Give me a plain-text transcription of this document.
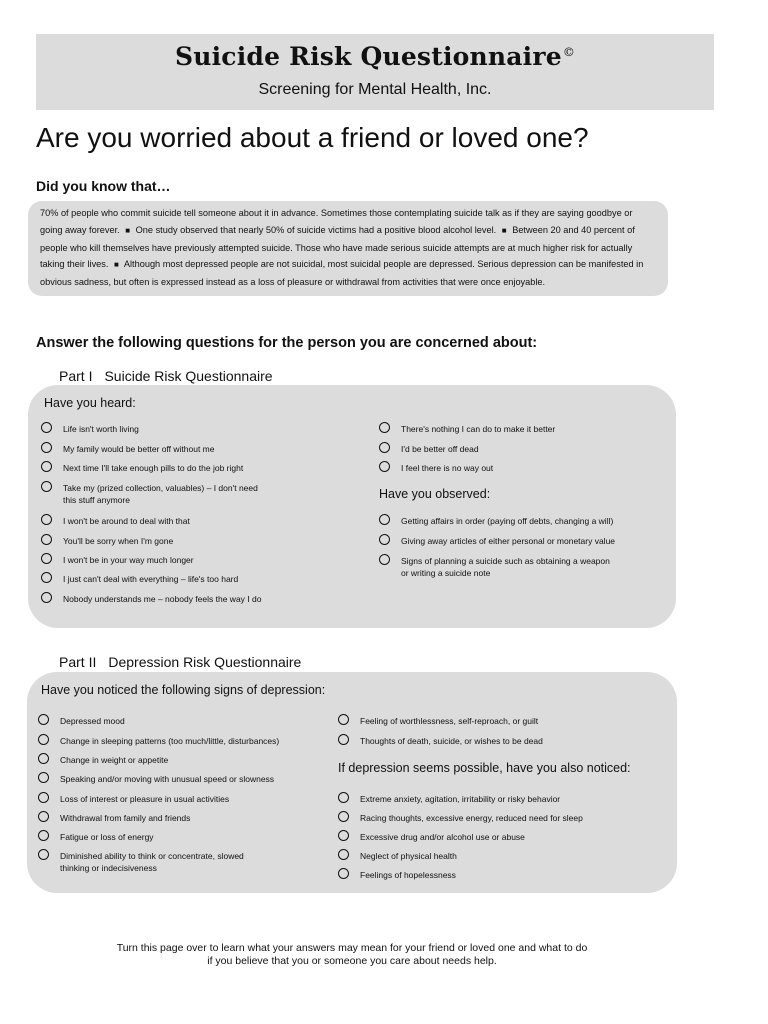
Suicide Risk Questionnaire©
Screening for Mental Health, Inc.
Are you worried about a friend or loved one?
Did you know that…
70% of people who commit suicide tell someone about it in advance. Sometimes those contemplating suicide talk as if they are saying goodbye or going away forever. ■ One study observed that nearly 50% of suicide victims had a positive blood alcohol level. ■ Between 20 and 40 percent of people who kill themselves have previously attempted suicide. Those who have made serious suicide attempts are at much higher risk for actually taking their lives. ■ Although most depressed people are not suicidal, most suicidal people are depressed. Serious depression can be manifested in obvious sadness, but often is expressed instead as a loss of pleasure or withdrawal from activities that were once enjoyable.
Answer the following questions for the person you are concerned about:
Part I Suicide Risk Questionnaire
Have you heard:
Life isn't worth living
My family would be better off without me
Next time I'll take enough pills to do the job right
Take my (prized collection, valuables) – I don't need
this stuff anymore
I won't be around to deal with that
You'll be sorry when I'm gone
I won't be in your way much longer
I just can't deal with everything – life's too hard
Nobody understands me – nobody feels the way I do
There's nothing I can do to make it better
I'd be better off dead
I feel there is no way out
Have you observed:
Getting affairs in order (paying off debts, changing a will)
Giving away articles of either personal or monetary value
Signs of planning a suicide such as obtaining a weapon
or writing a suicide note
Part II Depression Risk Questionnaire
Have you noticed the following signs of depression:
Depressed mood
Change in sleeping patterns (too much/little, disturbances)
Change in weight or appetite
Speaking and/or moving with unusual speed or slowness
Loss of interest or pleasure in usual activities
Withdrawal from family and friends
Fatigue or loss of energy
Diminished ability to think or concentrate, slowed
thinking or indecisiveness
Feeling of worthlessness, self-reproach, or guilt
Thoughts of death, suicide, or wishes to be dead
If depression seems possible, have you also noticed:
Extreme anxiety, agitation, irritability or risky behavior
Racing thoughts, excessive energy, reduced need for sleep
Excessive drug and/or alcohol use or abuse
Neglect of physical health
Feelings of hopelessness
Turn this page over to learn what your answers may mean for your friend or loved one and what to do
if you believe that you or someone you care about needs help.
